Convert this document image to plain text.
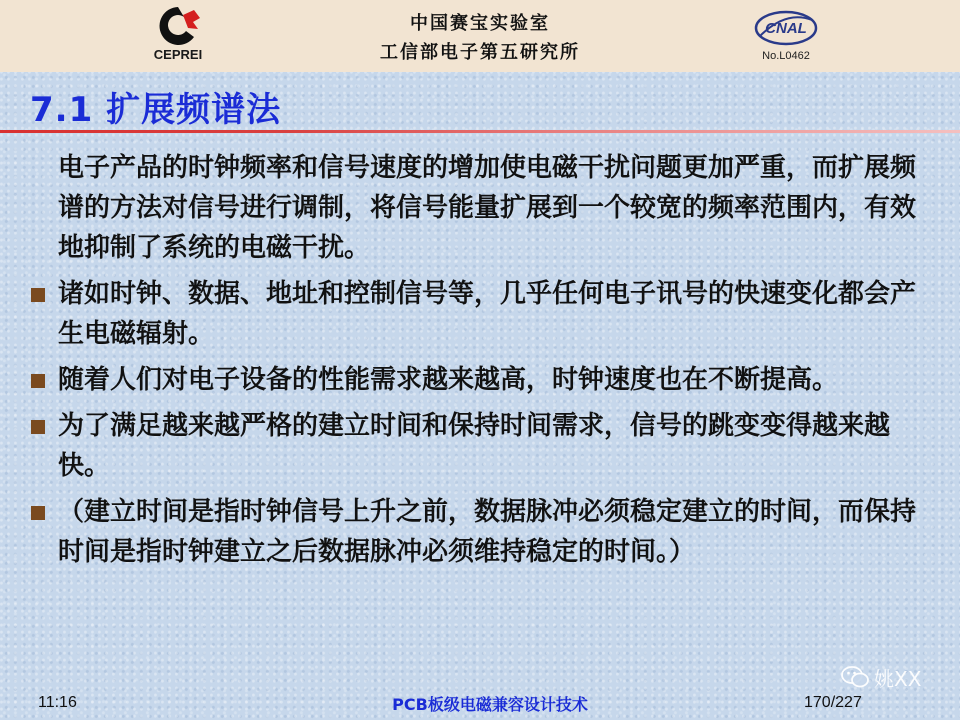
CEPREI
中国赛宝实验室
工信部电子第五研究所
CNAL
No.L0462
7.1 扩展频谱法
电子产品的时钟频率和信号速度的增加使电磁干扰问题更加严重，而扩展频谱的方法对信号进行调制，将信号能量扩展到一个较宽的频率范围内，有效地抑制了系统的电磁干扰。
诸如时钟、数据、地址和控制信号等，几乎任何电子讯号的快速变化都会产生电磁辐射。
随着人们对电子设备的性能需求越来越高，时钟速度也在不断提高。
为了满足越来越严格的建立时间和保持时间需求，信号的跳变变得越来越快。
（建立时间是指时钟信号上升之前，数据脉冲必须稳定建立的时间，而保持时间是指时钟建立之后数据脉冲必须维持稳定的时间。）
姚XX
11:16	PCB板级电磁兼容设计技术	170/227
